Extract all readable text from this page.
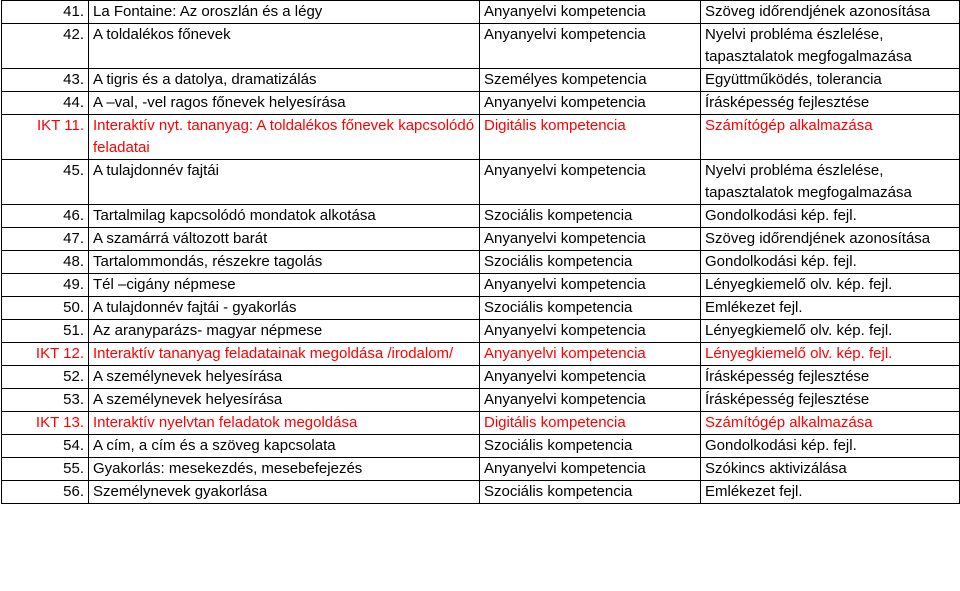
41.	La Fontaine: Az oroszlán és a légy	Anyanyelvi kompetencia	Szöveg időrendjének azonosítása
42.	A toldalékos főnevek	Anyanyelvi kompetencia	Nyelvi probléma észlelése, tapasztalatok megfogalmazása
43.	A tigris és a datolya, dramatizálás	Személyes kompetencia	Együttműködés, tolerancia
44.	A –val, -vel ragos főnevek helyesírása	Anyanyelvi kompetencia	Írásképesség fejlesztése
IKT 11.	Interaktív nyt. tananyag: A toldalékos főnevek kapcsolódó feladatai	Digitális kompetencia	Számítógép alkalmazása
45.	A tulajdonnév fajtái	Anyanyelvi kompetencia	Nyelvi probléma észlelése, tapasztalatok megfogalmazása
46.	Tartalmilag kapcsolódó mondatok alkotása	Szociális kompetencia	Gondolkodási kép. fejl.
47.	A szamárrá változott barát	Anyanyelvi kompetencia	Szöveg időrendjének azonosítása
48.	Tartalommondás, részekre tagolás	Szociális kompetencia	Gondolkodási kép. fejl.
49.	Tél –cigány népmese	Anyanyelvi kompetencia	Lényegkiemelő olv. kép. fejl.
50.	A tulajdonnév fajtái - gyakorlás	Szociális kompetencia	Emlékezet fejl.
51.	Az aranyparázs- magyar népmese	Anyanyelvi kompetencia	Lényegkiemelő olv. kép. fejl.
IKT 12.	Interaktív tananyag feladatainak megoldása /irodalom/	Anyanyelvi kompetencia	Lényegkiemelő olv. kép. fejl.
52.	A személynevek helyesírása	Anyanyelvi kompetencia	Írásképesség fejlesztése
53.	A személynevek helyesírása	Anyanyelvi kompetencia	Írásképesség fejlesztése
IKT 13.	Interaktív nyelvtan feladatok megoldása	Digitális kompetencia	Számítógép alkalmazása
54.	A cím, a cím és a szöveg kapcsolata	Szociális kompetencia	Gondolkodási kép. fejl.
55.	Gyakorlás: mesekezdés, mesebefejezés	Anyanyelvi kompetencia	Szókincs aktivizálása
56.	Személynevek gyakorlása	Szociális kompetencia	Emlékezet fejl.
